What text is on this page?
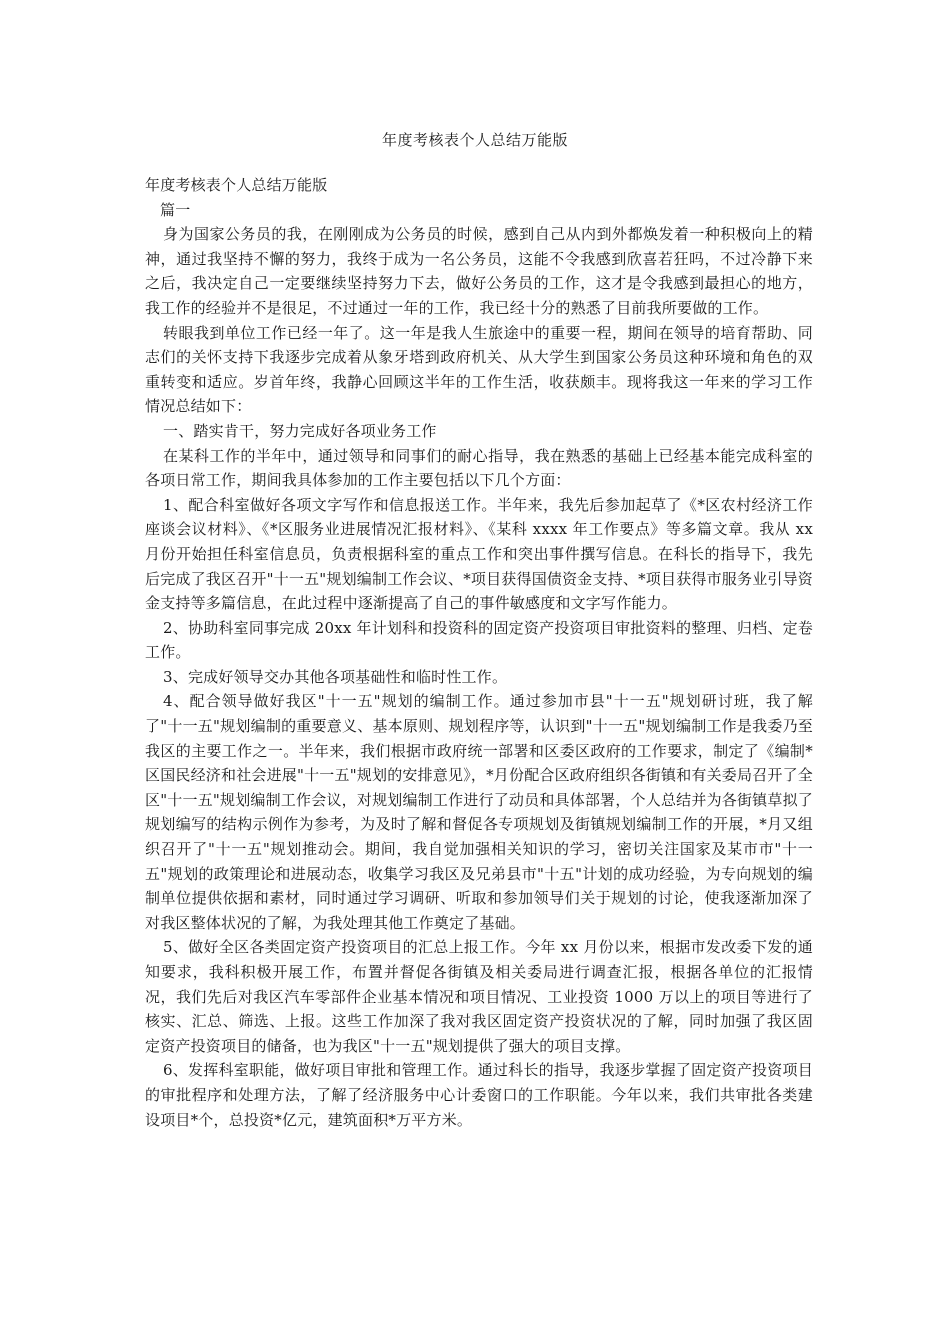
年度考核表个人总结万能版

年度考核表个人总结万能版

篇一

身为国家公务员的我，在刚刚成为公务员的时候，感到自己从内到外都焕发着一种积极向上的精神，通过我坚持不懈的努力，我终于成为一名公务员，这能不令我感到欣喜若狂吗，不过冷静下来之后，我决定自己一定要继续坚持努力下去，做好公务员的工作，这才是令我感到最担心的地方，我工作的经验并不是很足，不过通过一年的工作，我已经十分的熟悉了目前我所要做的工作。

转眼我到单位工作已经一年了。这一年是我人生旅途中的重要一程，期间在领导的培育帮助、同志们的关怀支持下我逐步完成着从象牙塔到政府机关、从大学生到国家公务员这种环境和角色的双重转变和适应。岁首年终，我静心回顾这半年的工作生活，收获颇丰。现将我这一年来的学习工作情况总结如下：

一、踏实肯干，努力完成好各项业务工作

在某科工作的半年中，通过领导和同事们的耐心指导，我在熟悉的基础上已经基本能完成科室的各项日常工作，期间我具体参加的工作主要包括以下几个方面：

1、配合科室做好各项文字写作和信息报送工作。半年来，我先后参加起草了《*区农村经济工作座谈会议材料》、《*区服务业进展情况汇报材料》、《某科 xxxx 年工作要点》等多篇文章。我从 xx 月份开始担任科室信息员，负责根据科室的重点工作和突出事件撰写信息。在科长的指导下，我先后完成了我区召开"十一五"规划编制工作会议、*项目获得国债资金支持、*项目获得市服务业引导资金支持等多篇信息，在此过程中逐渐提高了自己的事件敏感度和文字写作能力。

2、协助科室同事完成 20xx 年计划科和投资科的固定资产投资项目审批资料的整理、归档、定卷工作。

3、完成好领导交办其他各项基础性和临时性工作。

4、配合领导做好我区"十一五"规划的编制工作。通过参加市县"十一五"规划研讨班，我了解了"十一五"规划编制的重要意义、基本原则、规划程序等，认识到"十一五"规划编制工作是我委乃至我区的主要工作之一。半年来，我们根据市政府统一部署和区委区政府的工作要求，制定了《编制*区国民经济和社会进展"十一五"规划的安排意见》，*月份配合区政府组织各街镇和有关委局召开了全区"十一五"规划编制工作会议，对规划编制工作进行了动员和具体部署，个人总结并为各街镇草拟了规划编写的结构示例作为参考，为及时了解和督促各专项规划及街镇规划编制工作的开展，*月又组织召开了"十一五"规划推动会。期间，我自觉加强相关知识的学习，密切关注国家及某市市"十一五"规划的政策理论和进展动态，收集学习我区及兄弟县市"十五"计划的成功经验，为专向规划的编制单位提供依据和素材，同时通过学习调研、听取和参加领导们关于规划的讨论，使我逐渐加深了对我区整体状况的了解，为我处理其他工作奠定了基础。

5、做好全区各类固定资产投资项目的汇总上报工作。今年 xx 月份以来，根据市发改委下发的通知要求，我科积极开展工作，布置并督促各街镇及相关委局进行调查汇报，根据各单位的汇报情况，我们先后对我区汽车零部件企业基本情况和项目情况、工业投资 1000 万以上的项目等进行了核实、汇总、筛选、上报。这些工作加深了我对我区固定资产投资状况的了解，同时加强了我区固定资产投资项目的储备，也为我区"十一五"规划提供了强大的项目支撑。

6、发挥科室职能，做好项目审批和管理工作。通过科长的指导，我逐步掌握了固定资产投资项目的审批程序和处理方法，了解了经济服务中心计委窗口的工作职能。今年以来，我们共审批各类建设项目*个，总投资*亿元，建筑面积*万平方米。
